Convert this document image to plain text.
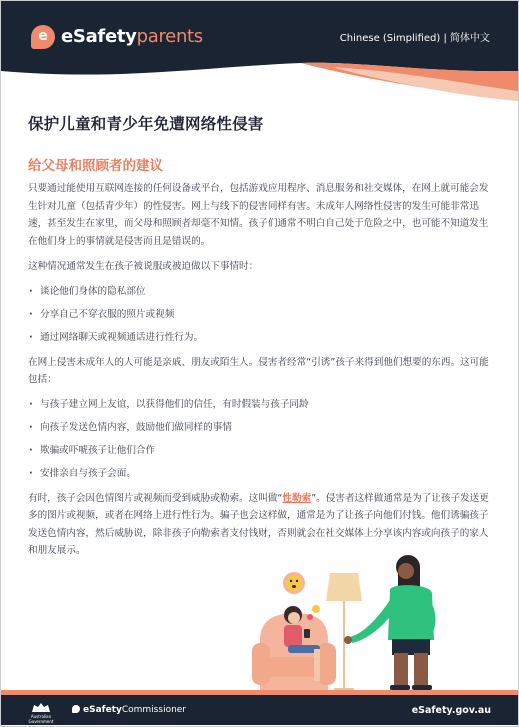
e eSafetyparents	Chinese (Simplified) | 简体中文
保护儿童和青少年免遭网络性侵害
给父母和照顾者的建议

只要通过能使用互联网连接的任何设备或平台，包括游戏应用程序、消息服务和社交媒体，在网上就可能会发生针对儿童（包括青少年）的性侵害。网上与线下的侵害同样有害。未成年人网络性侵害的发生可能非常迅速，甚至发生在家里，而父母和照顾者却毫不知情。孩子们通常不明白自己处于危险之中，也可能不知道发生在他们身上的事情就是侵害而且是错误的。

这种情况通常发生在孩子被说服或被迫做以下事情时：

· 谈论他们身体的隐私部位
· 分享自己不穿衣服的照片或视频
· 通过网络聊天或视频通话进行性行为。

在网上侵害未成年人的人可能是亲戚、朋友或陌生人。侵害者经常“引诱”孩子来得到他们想要的东西。这可能包括：

· 与孩子建立网上友谊，以获得他们的信任，有时假装与孩子同龄
· 向孩子发送色情内容，鼓励他们做同样的事情
· 欺骗或吓唬孩子让他们合作
· 安排亲自与孩子会面。

有时，孩子会因色情图片或视频而受到威胁或勒索。这叫做“性勒索”。侵害者这样做通常是为了让孩子发送更多的图片或视频，或者在网络上进行性行为。骗子也会这样做，通常是为了让孩子向他们付钱。他们诱骗孩子发送色情内容，然后威胁说，除非孩子向勒索者支付钱财，否则就会在社交媒体上分享该内容或向孩子的家人和朋友展示。

Australian Government
eSafetyCommissioner	eSafety.gov.au
